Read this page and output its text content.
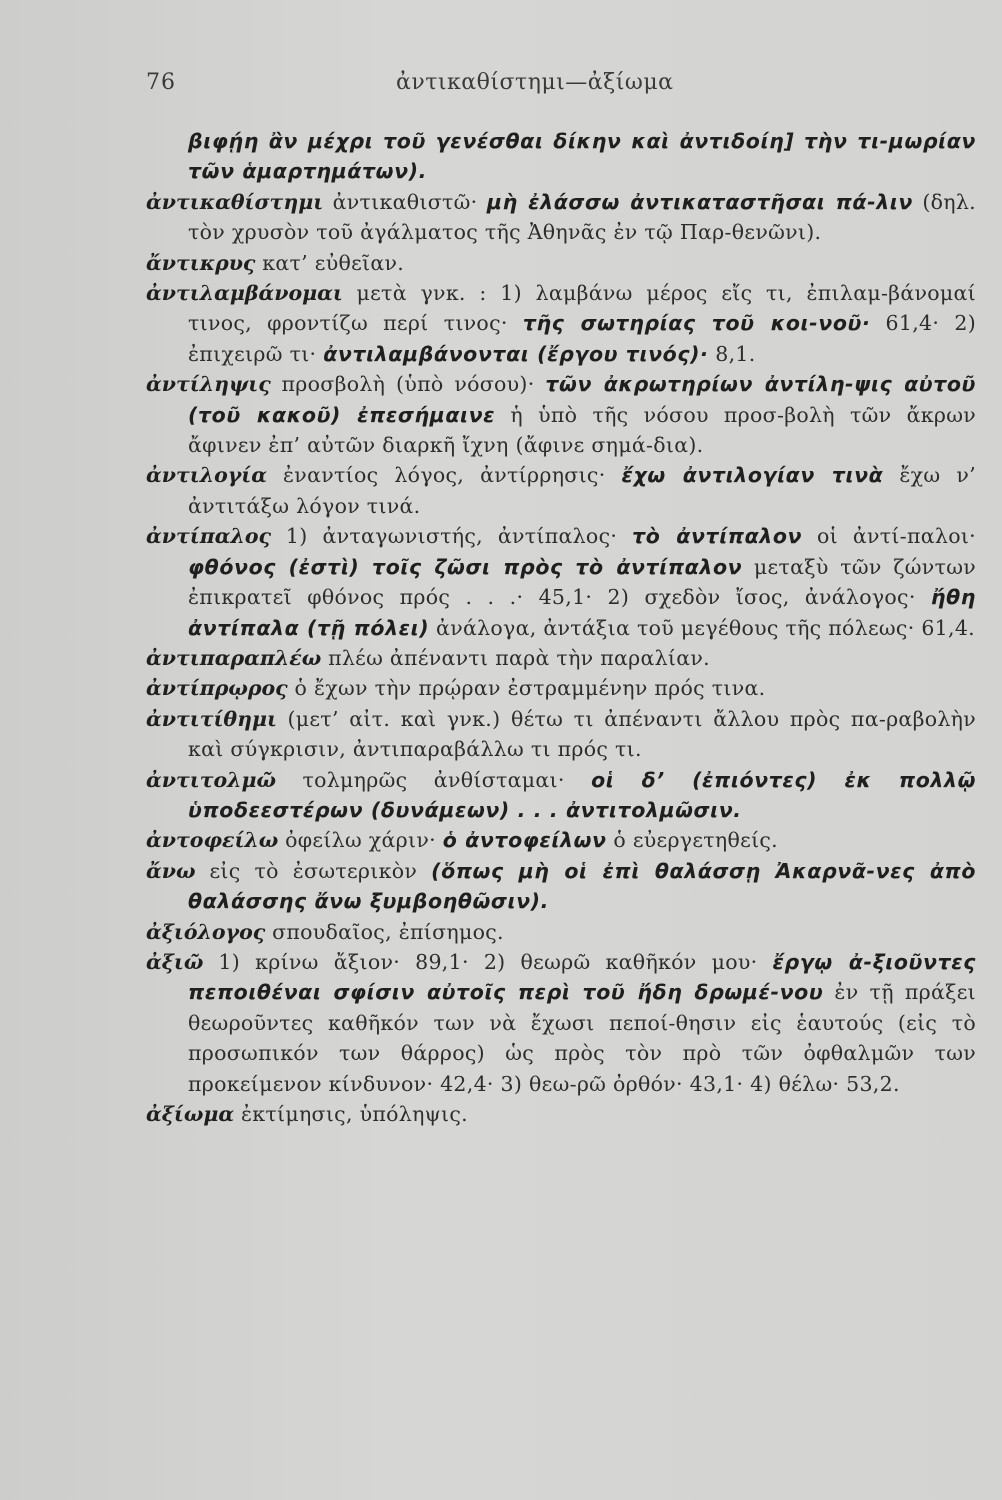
76	ἀντικαθίστημι—ἀξίωμα

βιφῄη ἂν μέχρι τοῦ γενέσθαι δίκην καὶ ἀντιδοίη] τὴν τι-μωρίαν τῶν ἁμαρτημάτων).

ἀντικαθίστημι ἀντικαθιστῶ· μὴ ἐλάσσω ἀντικαταστῆσαι πά-λιν (δηλ. τὸν χρυσὸν τοῦ ἀγάλματος τῆς Ἀθηνᾶς ἐν τῷ Παρ-θενῶνι).

ἄντικρυς κατ’ εὐθεῖαν.

ἀντιλαμβάνομαι μετὰ γνκ. : 1) λαμβάνω μέρος εἴς τι, ἐπιλαμ-βάνομαί τινος, φροντίζω περί τινος· τῆς σωτηρίας τοῦ κοι-νοῦ· 61,4· 2) ἐπιχειρῶ τι· ἀντιλαμβάνονται (ἔργου τινός)· 8,1.

ἀντίληψις προσβολὴ (ὑπὸ νόσου)· τῶν ἀκρωτηρίων ἀντίλη-ψις αὐτοῦ (τοῦ κακοῦ) ἐπεσήμαινε ἡ ὑπὸ τῆς νόσου προσ-βολὴ τῶν ἄκρων ἄφινεν ἐπ’ αὐτῶν διαρκῆ ἴχνη (ἄφινε σημά-δια).

ἀντιλογία ἐναντίος λόγος, ἀντίρρησις· ἔχω ἀντιλογίαν τινὰ ἔχω ν’ ἀντιτάξω λόγον τινά.

ἀντίπαλος 1) ἀνταγωνιστής, ἀντίπαλος· τὸ ἀντίπαλον οἱ ἀντί-παλοι· φθόνος (ἐστὶ) τοῖς ζῶσι πρὸς τὸ ἀντίπαλον μεταξὺ τῶν ζώντων ἐπικρατεῖ φθόνος πρός . . .· 45,1· 2) σχεδὸν ἴσος, ἀνάλογος· ἤθη ἀντίπαλα (τῇ πόλει) ἀνάλογα, ἀντάξια τοῦ μεγέθους τῆς πόλεως· 61,4.

ἀντιπαραπλέω πλέω ἀπέναντι παρὰ τὴν παραλίαν.

ἀντίπρῳρος ὁ ἔχων τὴν πρῴραν ἐστραμμένην πρός τινα.

ἀντιτίθημι (μετ’ αἰτ. καὶ γνκ.) θέτω τι ἀπέναντι ἄλλου πρὸς πα-ραβολὴν καὶ σύγκρισιν, ἀντιπαραβάλλω τι πρός τι.

ἀντιτολμῶ τολμηρῶς ἀνθίσταμαι· οἱ δ’ (ἐπιόντες) ἐκ πολλῷ ὑποδεεστέρων (δυνάμεων) . . . ἀντιτολμῶσιν.

ἀντοφείλω ὀφείλω χάριν· ὁ ἀντοφείλων ὁ εὐεργετηθείς.

ἄνω εἰς τὸ ἐσωτερικὸν (ὅπως μὴ οἱ ἐπὶ θαλάσσῃ Ἀκαρνᾶ-νες ἀπὸ θαλάσσης ἄνω ξυμβοηθῶσιν).

ἀξιόλογος σπουδαῖος, ἐπίσημος.

ἀξιῶ 1) κρίνω ἄξιον· 89,1· 2) θεωρῶ καθῆκόν μου· ἔργῳ ἀ-ξιοῦντες πεποιθέναι σφίσιν αὐτοῖς περὶ τοῦ ἤδη δρωμέ-νου ἐν τῇ πράξει θεωροῦντες καθῆκόν των νὰ ἔχωσι πεποί-θησιν εἰς ἑαυτούς (εἰς τὸ προσωπικόν των θάρρος) ὡς πρὸς τὸν πρὸ τῶν ὀφθαλμῶν των προκείμενον κίνδυνον· 42,4· 3) θεω-ρῶ ὀρθόν· 43,1· 4) θέλω· 53,2.

ἀξίωμα ἐκτίμησις, ὑπόληψις.
